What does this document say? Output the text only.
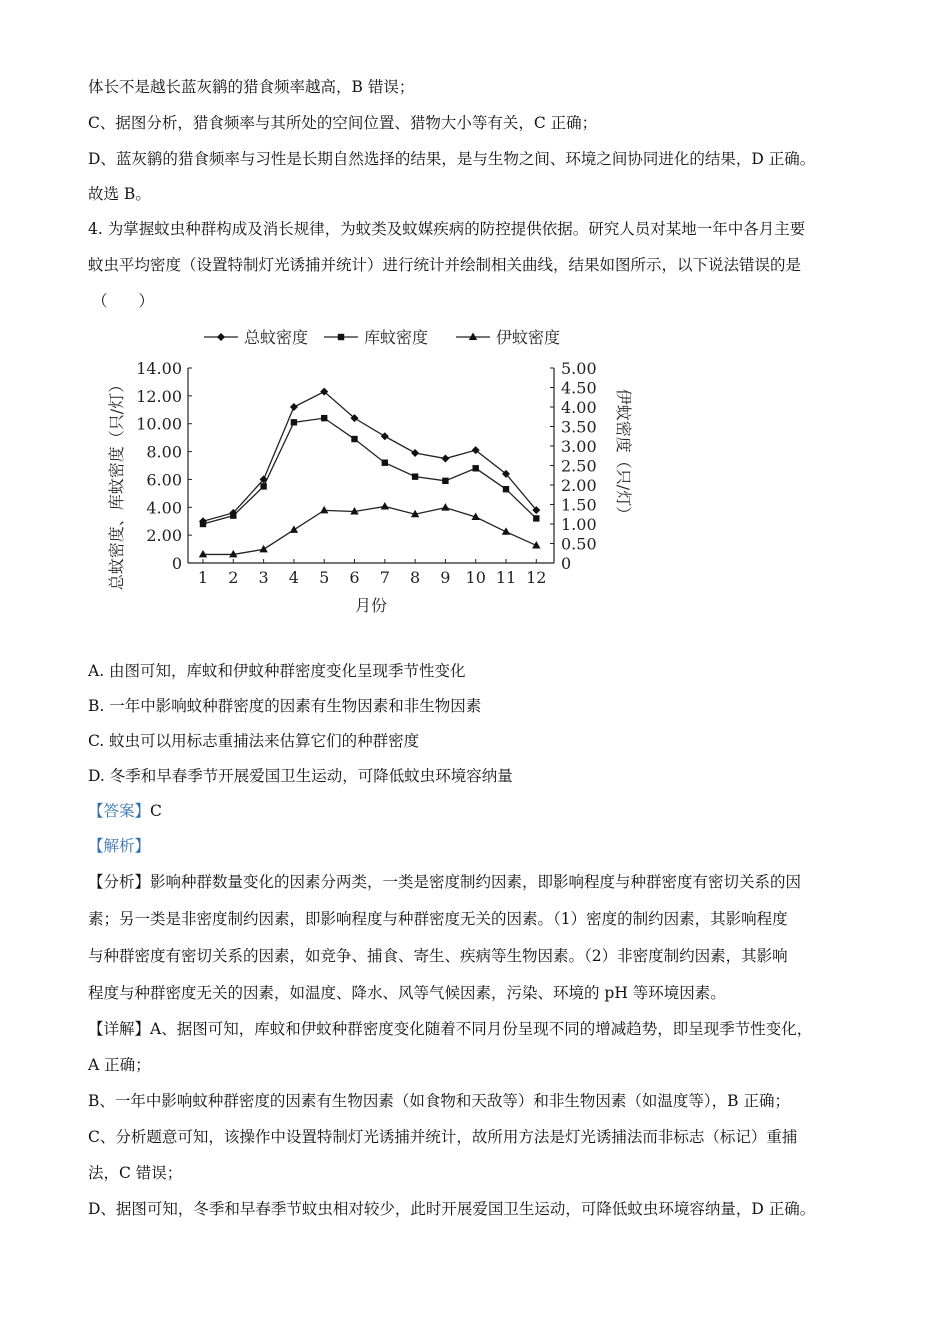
体长不是越长蓝灰鹟的猎食频率越高，B 错误；
C、据图分析，猎食频率与其所处的空间位置、猎物大小等有关，C 正确；
D、蓝灰鹟的猎食频率与习性是长期自然选择的结果，是与生物之间、环境之间协同进化的结果，D 正确。
故选 B。
4. 为掌握蚊虫种群构成及消长规律，为蚊类及蚊媒疾病的防控提供依据。研究人员对某地一年中各月主要
蚊虫平均密度（设置特制灯光诱捕并统计）进行统计并绘制相关曲线，结果如图所示，以下说法错误的是
（　　）
0
2.00
4.00
6.00
8.00
10.00
12.00
14.00
0
0.50
1.00
1.50
2.00
2.50
3.00
3.50
4.00
4.50
5.00
1 2 3 4 5 6 7 8 9 10 11 12
月份
总蚊密度、库蚊密度（只/灯）	伊蚊密度（只/灯）
总蚊密度	库蚊密度	伊蚊密度
A. 由图可知，库蚊和伊蚊种群密度变化呈现季节性变化
B. 一年中影响蚊种群密度的因素有生物因素和非生物因素
C. 蚊虫可以用标志重捕法来估算它们的种群密度
D. 冬季和早春季节开展爱国卫生运动，可降低蚊虫环境容纳量
【答案】C
【解析】
【分析】影响种群数量变化的因素分两类，一类是密度制约因素，即影响程度与种群密度有密切关系的因
素；另一类是非密度制约因素，即影响程度与种群密度无关的因素。（1）密度的制约因素，其影响程度
与种群密度有密切关系的因素，如竞争、捕食、寄生、疾病等生物因素。（2）非密度制约因素，其影响
程度与种群密度无关的因素，如温度、降水、风等气候因素，污染、环境的 pH 等环境因素。
【详解】A、据图可知，库蚊和伊蚊种群密度变化随着不同月份呈现不同的增减趋势，即呈现季节性变化，
A 正确；
B、一年中影响蚊种群密度的因素有生物因素（如食物和天敌等）和非生物因素（如温度等），B 正确；
C、分析题意可知，该操作中设置特制灯光诱捕并统计，故所用方法是灯光诱捕法而非标志（标记）重捕
法，C 错误；
D、据图可知，冬季和早春季节蚊虫相对较少，此时开展爱国卫生运动，可降低蚊虫环境容纳量，D 正确。
